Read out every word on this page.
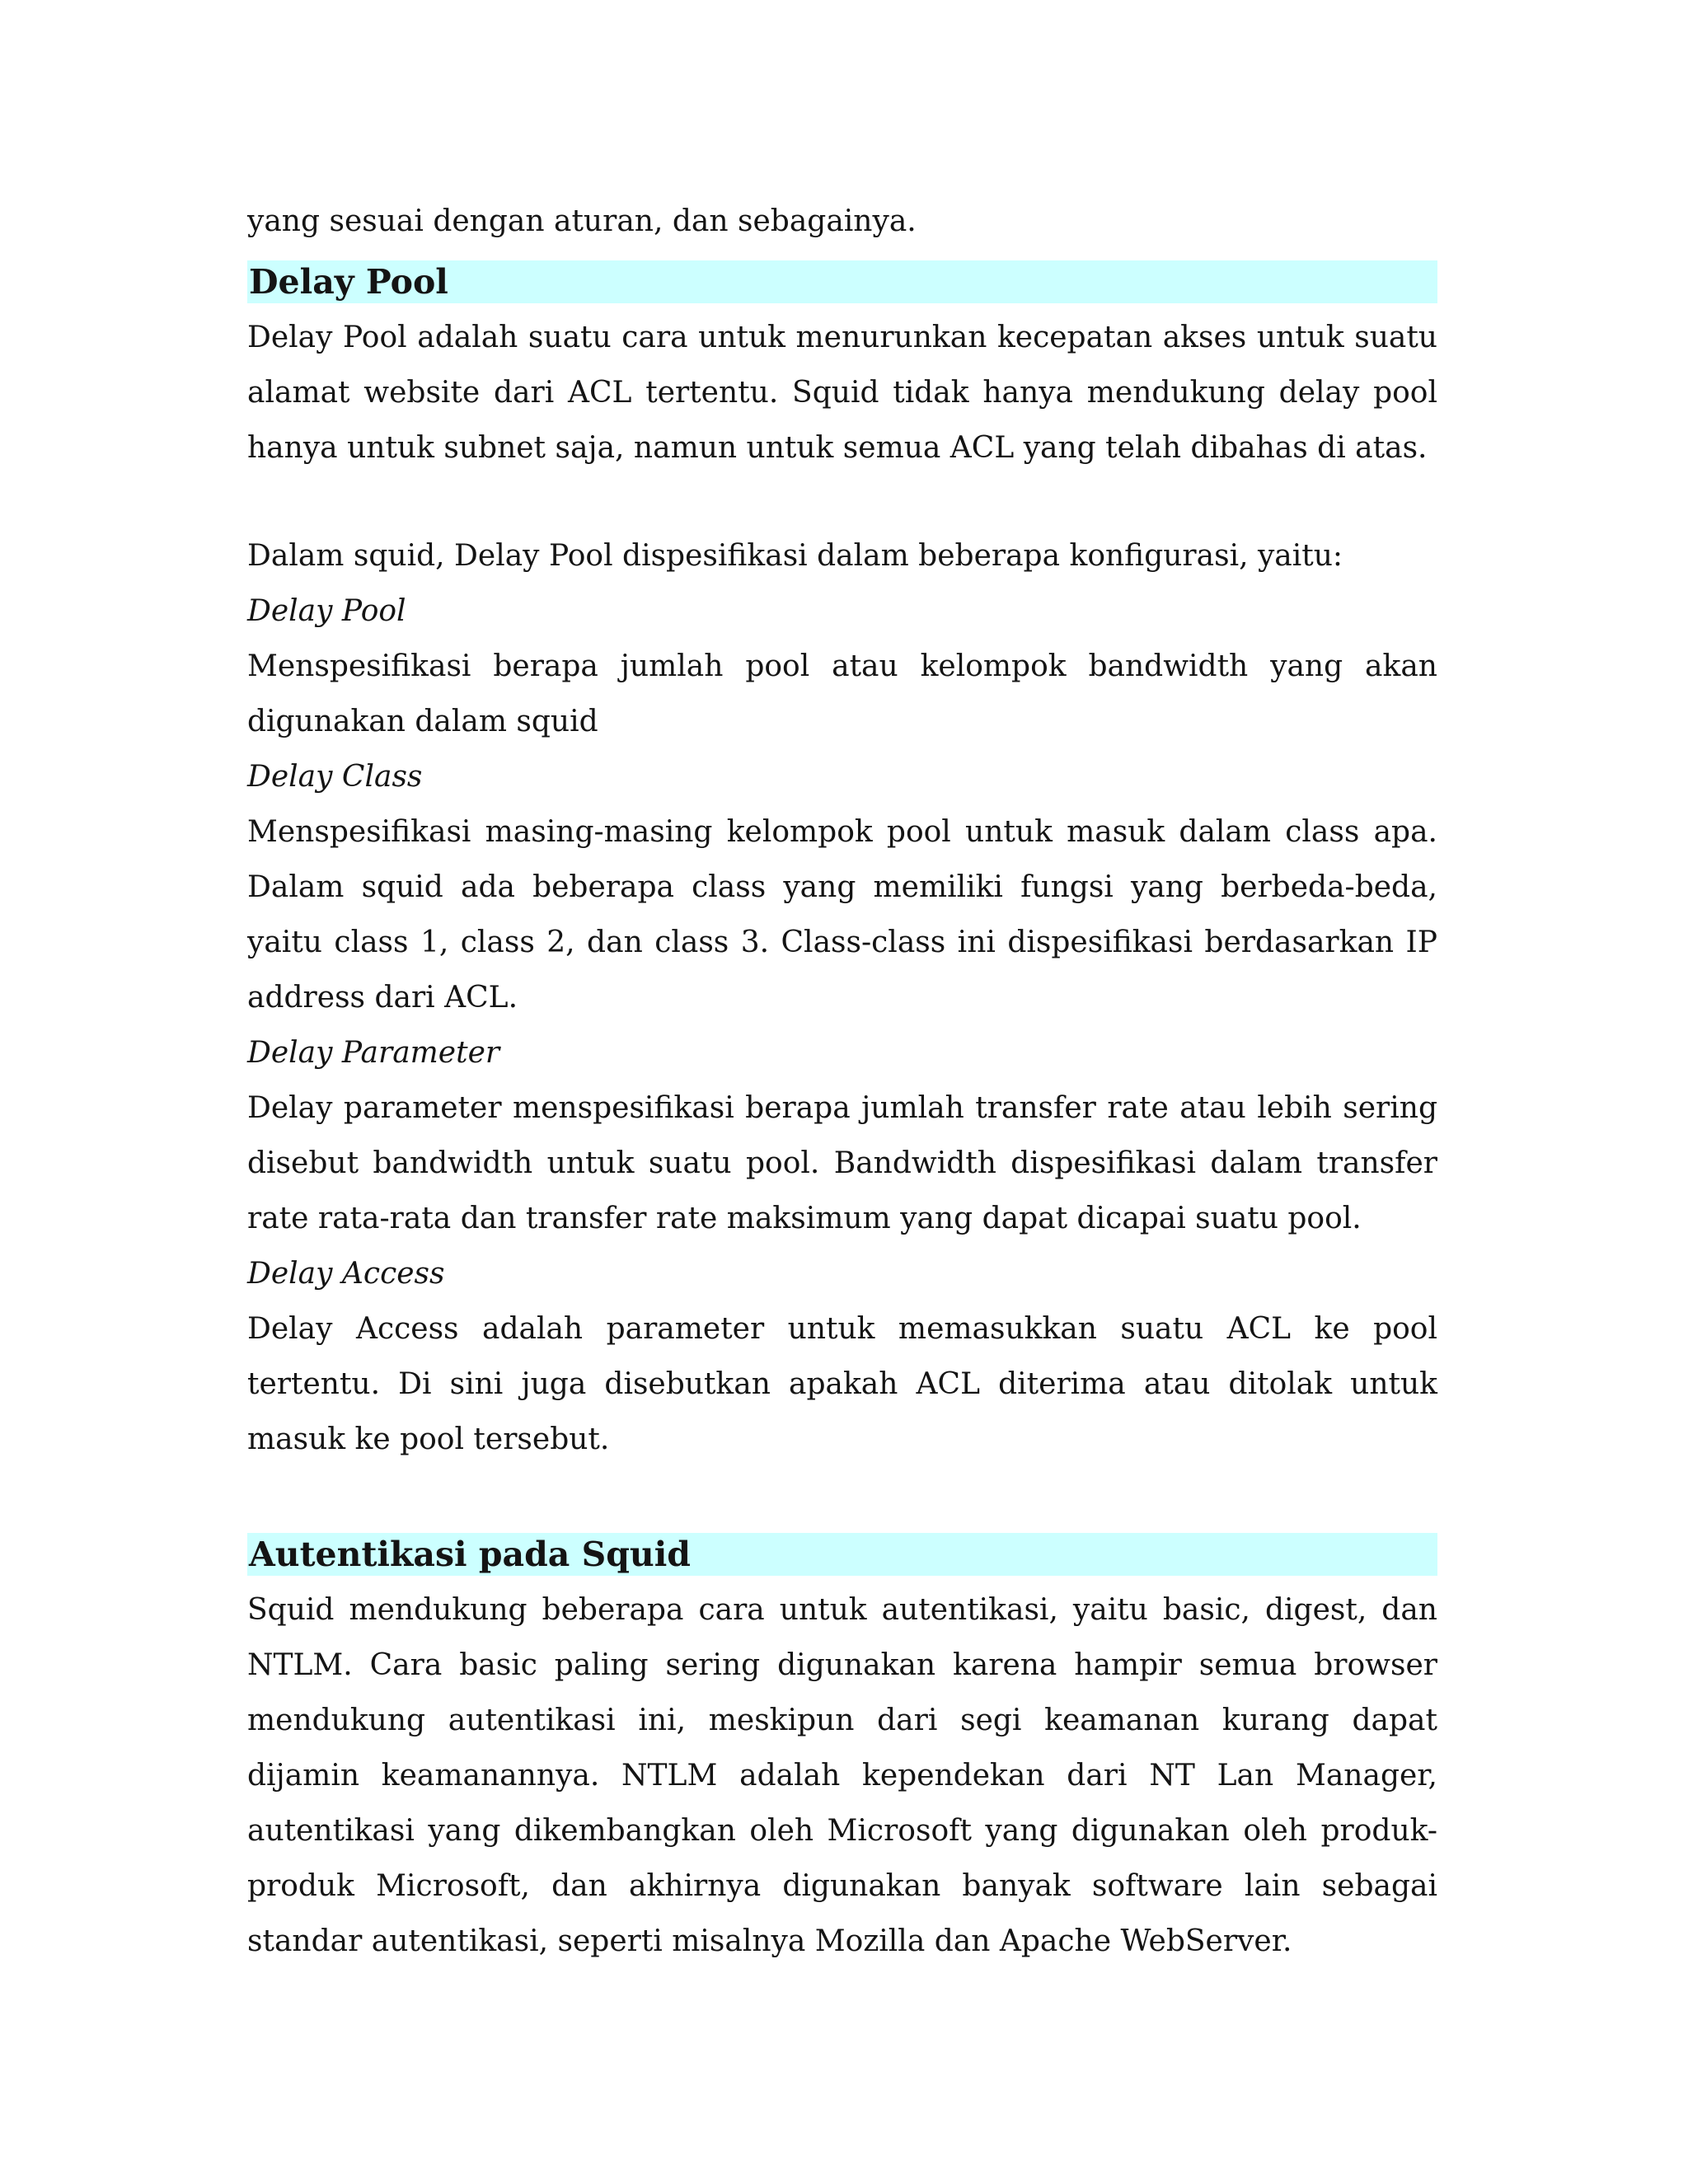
yang sesuai dengan aturan, dan sebagainya.

Delay Pool

Delay Pool adalah suatu cara untuk menurunkan kecepatan akses untuk suatu alamat website dari ACL tertentu. Squid tidak hanya mendukung delay pool hanya untuk subnet saja, namun untuk semua ACL yang telah dibahas di atas.

Dalam squid, Delay Pool dispesifikasi dalam beberapa konfigurasi, yaitu:

Delay Pool

Menspesifikasi berapa jumlah pool atau kelompok bandwidth yang akan digunakan dalam squid

Delay Class

Menspesifikasi masing-masing kelompok pool untuk masuk dalam class apa. Dalam squid ada beberapa class yang memiliki fungsi yang berbeda-beda, yaitu class 1, class 2, dan class 3. Class-class ini dispesifikasi berdasarkan IP address dari ACL.

Delay Parameter

Delay parameter menspesifikasi berapa jumlah transfer rate atau lebih sering disebut bandwidth untuk suatu pool. Bandwidth dispesifikasi dalam transfer rate rata-rata dan transfer rate maksimum yang dapat dicapai suatu pool.

Delay Access

Delay Access adalah parameter untuk memasukkan suatu ACL ke pool tertentu. Di sini juga disebutkan apakah ACL diterima atau ditolak untuk masuk ke pool tersebut.

Autentikasi pada Squid

Squid mendukung beberapa cara untuk autentikasi, yaitu basic, digest, dan NTLM. Cara basic paling sering digunakan karena hampir semua browser mendukung autentikasi ini, meskipun dari segi keamanan kurang dapat dijamin keamanannya. NTLM adalah kependekan dari NT Lan Manager, autentikasi yang dikembangkan oleh Microsoft yang digunakan oleh produk-produk Microsoft, dan akhirnya digunakan banyak software lain sebagai standar autentikasi, seperti misalnya Mozilla dan Apache WebServer.
